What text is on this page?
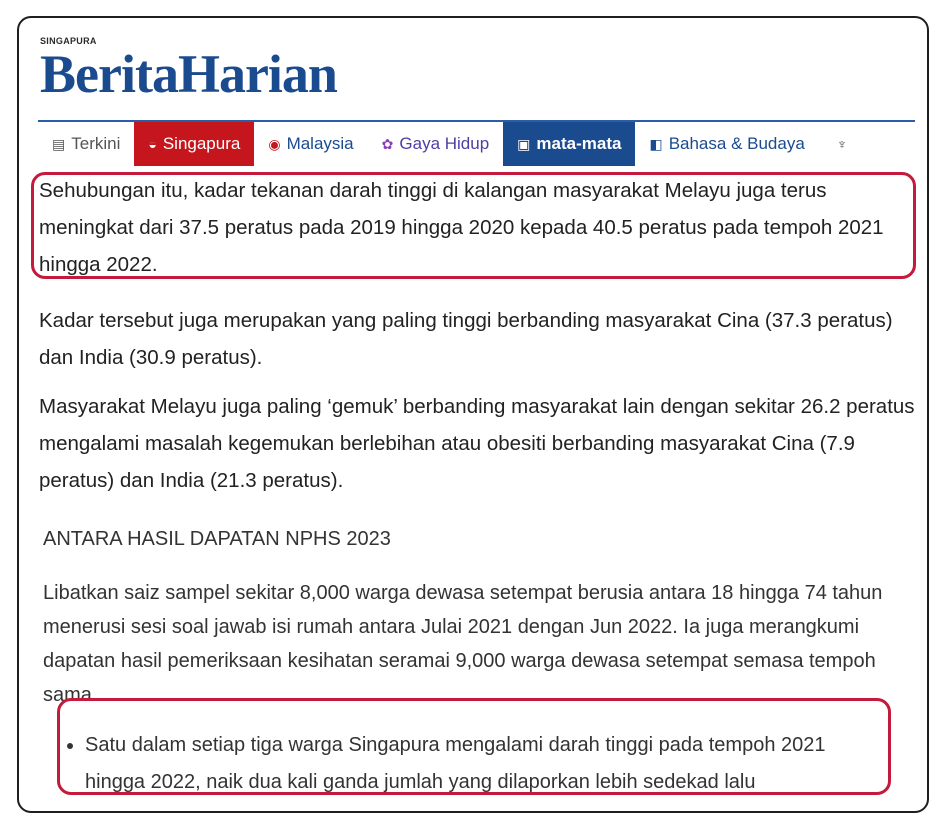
SINGAPURA
BeritaHarian
▤ Terkini ◒ Singapura ◉ Malaysia ✿ Gaya Hidup ▣ mata-mata ◧ Bahasa & Budaya ♆
Sehubungan itu, kadar tekanan darah tinggi di kalangan masyarakat Melayu juga terus meningkat dari 37.5 peratus pada 2019 hingga 2020 kepada 40.5 peratus pada tempoh 2021 hingga 2022.
Kadar tersebut juga merupakan yang paling tinggi berbanding masyarakat Cina (37.3 peratus) dan India (30.9 peratus).
Masyarakat Melayu juga paling ‘gemuk’ berbanding masyarakat lain dengan sekitar 26.2 peratus mengalami masalah kegemukan berlebihan atau obesiti berbanding masyarakat Cina (7.9 peratus) dan India (21.3 peratus).
ANTARA HASIL DAPATAN NPHS 2023
Libatkan saiz sampel sekitar 8,000 warga dewasa setempat berusia antara 18 hingga 74 tahun menerusi sesi soal jawab isi rumah antara Julai 2021 dengan Jun 2022. Ia juga merangkumi dapatan hasil pemeriksaan kesihatan seramai 9,000 warga dewasa setempat semasa tempoh sama.
• Satu dalam setiap tiga warga Singapura mengalami darah tinggi pada tempoh 2021 hingga 2022, naik dua kali ganda jumlah yang dilaporkan lebih sedekad lalu
